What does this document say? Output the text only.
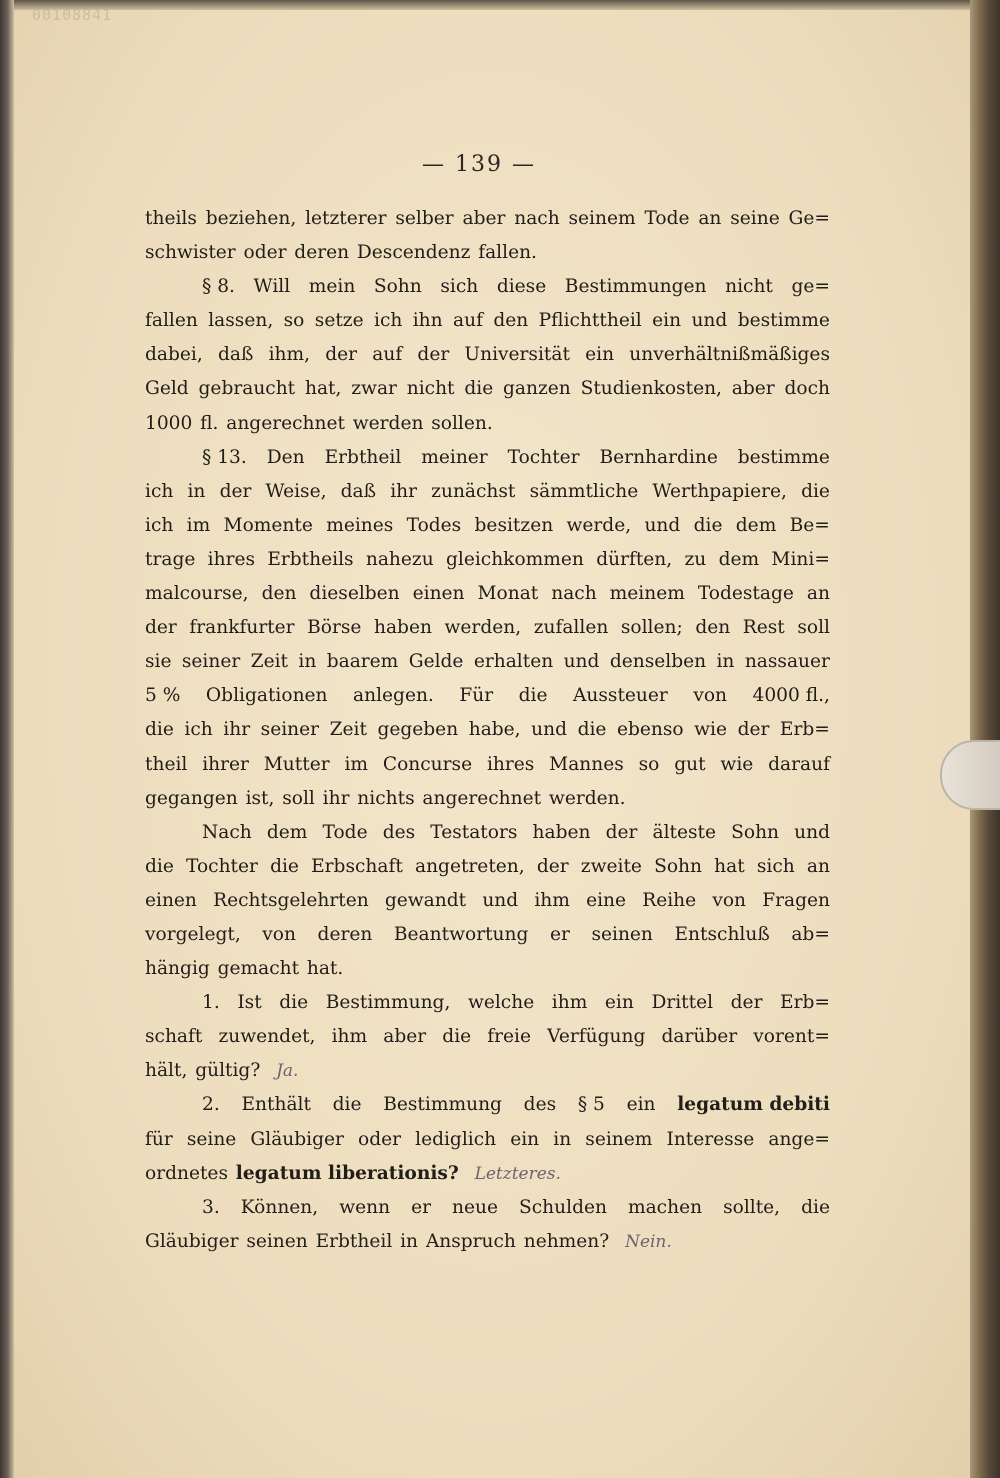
00108841
— 139 —
theils beziehen, letzterer selber aber nach seinem Tode an seine Ge=
schwister oder deren Descendenz fallen.
§ 8. Will mein Sohn sich diese Bestimmungen nicht ge=
fallen lassen, so setze ich ihn auf den Pflichttheil ein und bestimme
dabei, daß ihm, der auf der Universität ein unverhältnißmäßiges
Geld gebraucht hat, zwar nicht die ganzen Studienkosten, aber doch
1000 fl. angerechnet werden sollen.
§ 13. Den Erbtheil meiner Tochter Bernhardine bestimme
ich in der Weise, daß ihr zunächst sämmtliche Werthpapiere, die
ich im Momente meines Todes besitzen werde, und die dem Be=
trage ihres Erbtheils nahezu gleichkommen dürften, zu dem Mini=
malcourse, den dieselben einen Monat nach meinem Todestage an
der frankfurter Börse haben werden, zufallen sollen; den Rest soll
sie seiner Zeit in baarem Gelde erhalten und denselben in nassauer
5 % Obligationen anlegen. Für die Aussteuer von 4000 fl.,
die ich ihr seiner Zeit gegeben habe, und die ebenso wie der Erb=
theil ihrer Mutter im Concurse ihres Mannes so gut wie darauf
gegangen ist, soll ihr nichts angerechnet werden.
Nach dem Tode des Testators haben der älteste Sohn und
die Tochter die Erbschaft angetreten, der zweite Sohn hat sich an
einen Rechtsgelehrten gewandt und ihm eine Reihe von Fragen
vorgelegt, von deren Beantwortung er seinen Entschluß ab=
hängig gemacht hat.
1. Ist die Bestimmung, welche ihm ein Drittel der Erb=
schaft zuwendet, ihm aber die freie Verfügung darüber vorent=
hält, gültig? Ja.
2. Enthält die Bestimmung des § 5 ein legatum debiti
für seine Gläubiger oder lediglich ein in seinem Interesse ange=
ordnetes legatum liberationis? Letzteres.
3. Können, wenn er neue Schulden machen sollte, die
Gläubiger seinen Erbtheil in Anspruch nehmen? Nein.
